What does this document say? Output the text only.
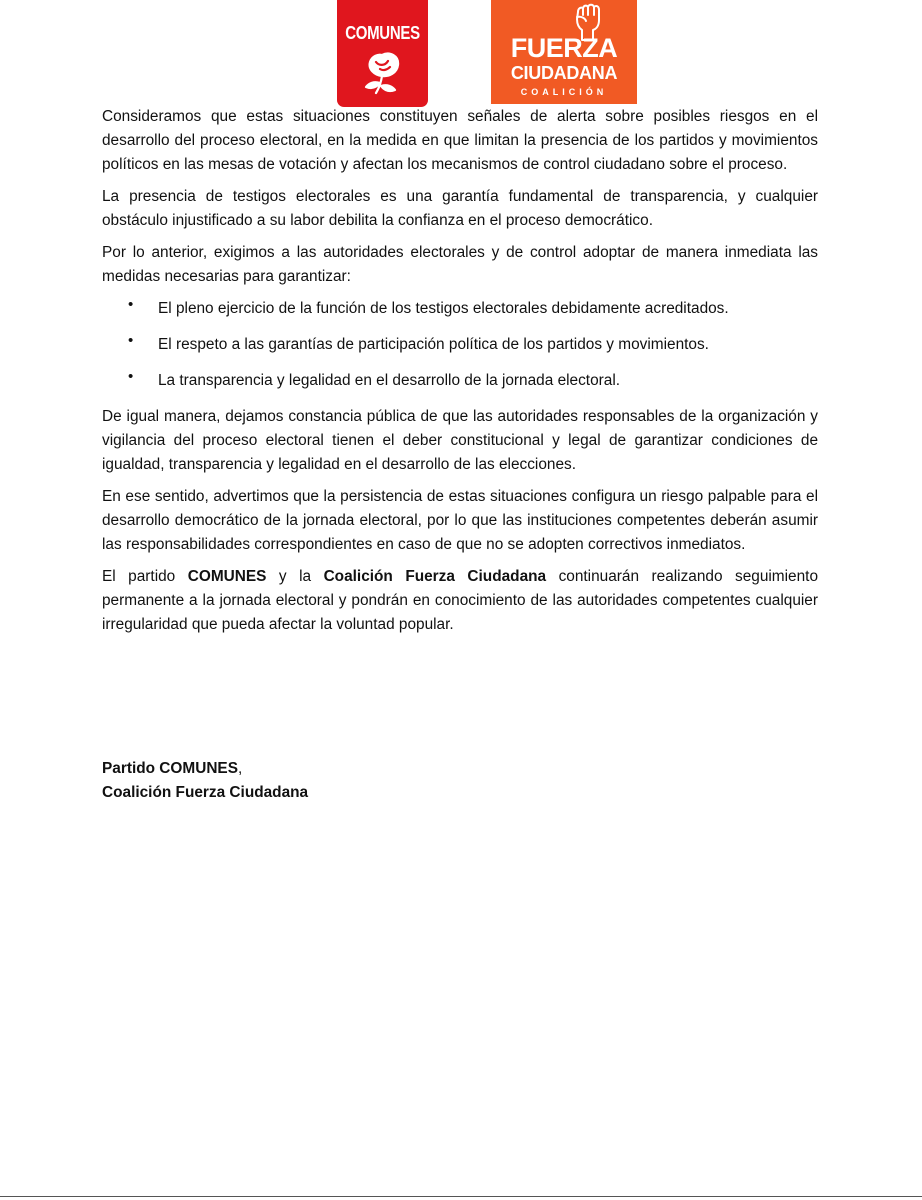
COMUNES	FUERZA
CIUDADANA
COALICIÓN

Consideramos que estas situaciones constituyen señales de alerta sobre posibles riesgos en el desarrollo del proceso electoral, en la medida en que limitan la presencia de los partidos y movimientos políticos en las mesas de votación y afectan los mecanismos de control ciudadano sobre el proceso.

La presencia de testigos electorales es una garantía fundamental de transparencia, y cualquier obstáculo injustificado a su labor debilita la confianza en el proceso democrático.

Por lo anterior, exigimos a las autoridades electorales y de control adoptar de manera inmediata las medidas necesarias para garantizar:

• El pleno ejercicio de la función de los testigos electorales debidamente acreditados.
• El respeto a las garantías de participación política de los partidos y movimientos.
• La transparencia y legalidad en el desarrollo de la jornada electoral.

De igual manera, dejamos constancia pública de que las autoridades responsables de la organización y vigilancia del proceso electoral tienen el deber constitucional y legal de garantizar condiciones de igualdad, transparencia y legalidad en el desarrollo de las elecciones.

En ese sentido, advertimos que la persistencia de estas situaciones configura un riesgo palpable para el desarrollo democrático de la jornada electoral, por lo que las instituciones competentes deberán asumir las responsabilidades correspondientes en caso de que no se adopten correctivos inmediatos.

El partido COMUNES y la Coalición Fuerza Ciudadana continuarán realizando seguimiento permanente a la jornada electoral y pondrán en conocimiento de las autoridades competentes cualquier irregularidad que pueda afectar la voluntad popular.

Partido COMUNES,
Coalición Fuerza Ciudadana
